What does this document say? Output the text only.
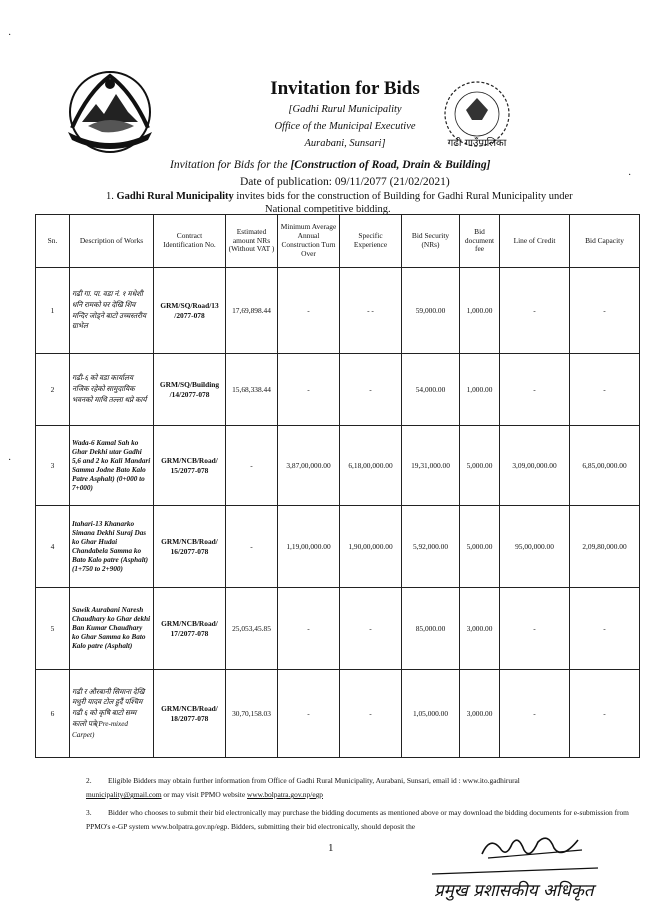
गढी गाउँपालिका
Invitation for Bids
[Gadhi Rurul Municipality
Office of the Municipal Executive
Aurabani, Sunsari]
Invitation for Bids for the [Construction of Road, Drain & Building]
Date of publication: 09/11/2077 (21/02/2021)
1. Gadhi Rural Municipality invites bids for the construction of Building for Gadhi Rural Municipality under
National competitive bidding.
Sn.	Description of Works	Contract Identification No.	Estimated amount NRs (Without VAT )	Minimum Average Annual Construction Turn Over	Specific Experience	Bid Security (NRs)	Bid document fee	Line of Credit	Bid Capacity
1	गढी गा. पा. वडा नं. १ मधेशी धनि रामको घर देखि शिव मन्दिर जोड्ने बाटो उच्चस्तरीय ग्राभेल	GRM/SQ/Road/13 /2077-078	17,69,898.44	-	- -	59,000.00	1,000.00	-	-
2	गढी-६ को वडा कार्यालय नजिक रहेको सामुदायिक भवनको माथि तल्ला थप्ने कार्य	GRM/SQ/Building /14/2077-078	15,68,338.44	-	-	54,000.00	1,000.00	-	-
3	Wada-6 Kamal Sah ko Ghar Dekhi utar Gadhi 5,6 and 2 ko Kali Mandari Samma Jodne Bato Kalo Patre Asphalt) (0+000 to 7+000)	GRM/NCB/Road/ 15/2077-078	-	3,87,00,000.00	6,18,00,000.00	19,31,000.00	5,000.00	3,09,00,000.00	6,85,00,000.00
4	Itahari-13 Khanarko Simana Dekhi Suraj Das ko Ghar Hudai Chandabela Samma ko Bato Kalo patre (Asphalt) (1+750 to 2+900)	GRM/NCB/Road/ 16/2077-078	-	1,19,00,000.00	1,90,00,000.00	5,92,000.00	5,000.00	95,00,000.00	2,09,80,000.00
5	Sawik Aurabani Naresh Chaudhary ko Ghar dekhi Ban Kumar Chaudhary ko Ghar Samma ko Bato Kalo patre (Asphalt)	GRM/NCB/Road/ 17/2077-078	25,053,45.85	-	-	85,000.00	3,000.00	-	-
6	गढी र औरबानी सिमाना देखि मधुरी यादव टोल हुदैं पश्चिम गढी ६ को कृषि बाटो सम्म कालो पत्रे(Pre-mixed Carpet)	GRM/NCB/Road/ 18/2077-078	30,70,158.03	-	-	1,05,000.00	3,000.00	-	-

2. Eligible Bidders may obtain further information from Office of Gadhi Rural Municipality, Aurabani, Sunsari, email id : www.ito.gadhirural
municipality@gmail.com or may visit PPMO website www.bolpatra.gov.np/egp

3. Bidder who chooses to submit their bid electronically may purchase the bidding documents as mentioned above or may download the bidding documents for e-submission from PPMO's e-GP system www.bolpatra.gov.np/egp. Bidders, submitting their bid electronically, should deposit the

1
प्रमुख प्रशासकीय अधिकृत
·
·
·
